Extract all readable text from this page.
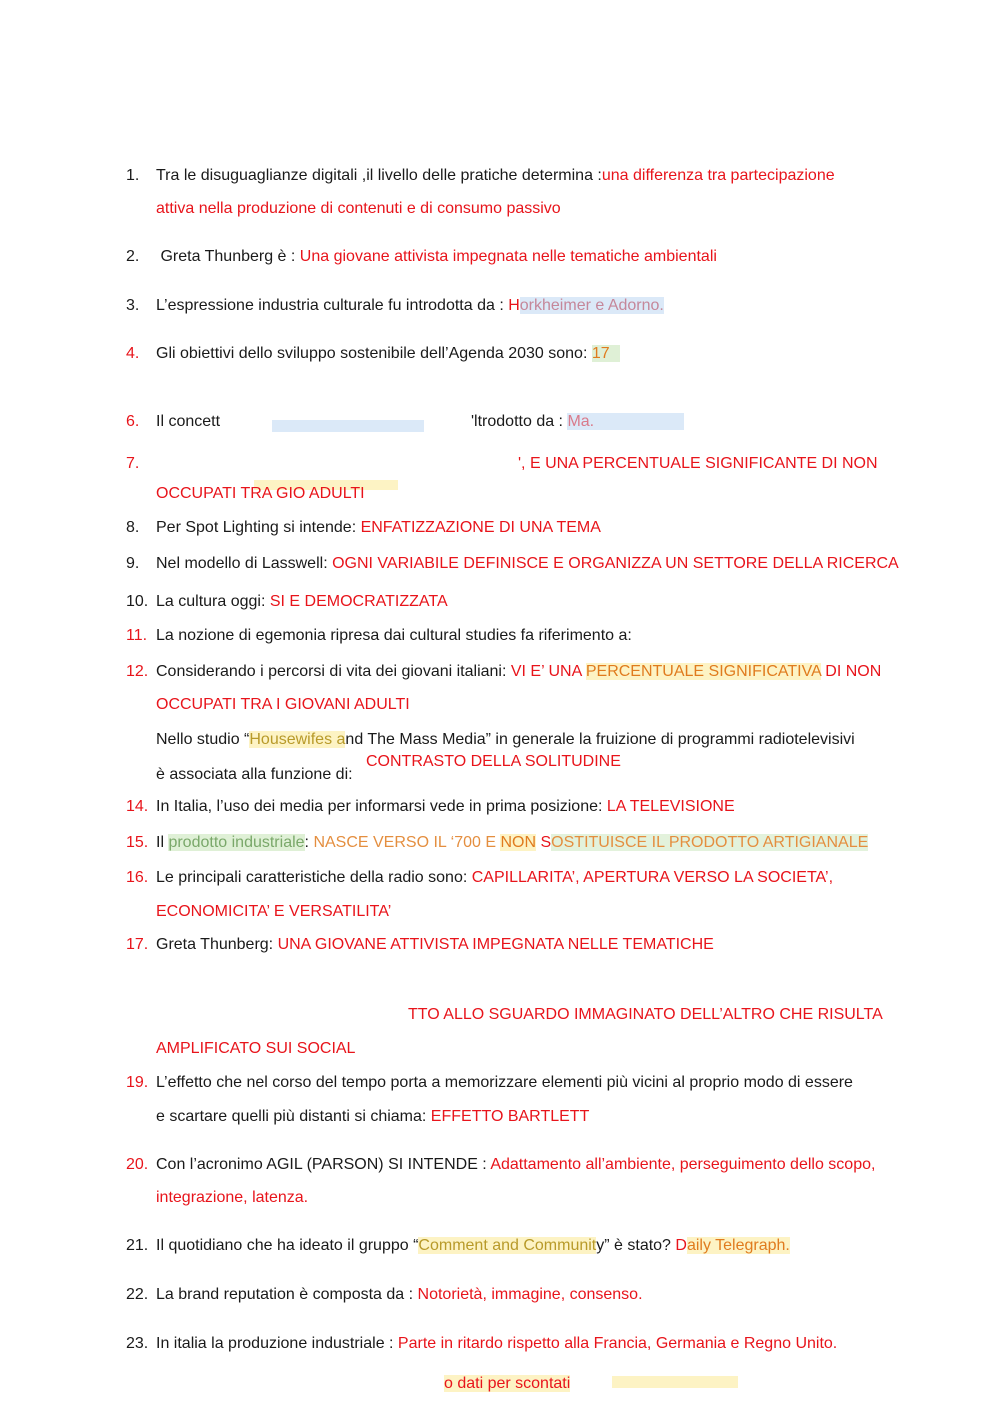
1. Tra le disuguaglianze digitali ,il livello delle pratiche determina :una differenza tra partecipazione
attiva nella produzione di contenuti e di consumo passivo
2. Greta Thunberg è : Una giovane attivista impegnata nelle tematiche ambientali
3. L’espressione industria culturale fu introdotta da : Horkheimer e Adorno.
4. Gli obiettivi dello sviluppo sostenibile dell’Agenda 2030 sono: 17
6. Il concett	'ltrodotto da : Ma.
7.	', E UNA PERCENTUALE SIGNIFICANTE DI NON
OCCUPATI TRA GIO ADULTI
8. Per Spot Lighting si intende: ENFATIZZAZIONE DI UNA TEMA
9. Nel modello di Lasswell: OGNI VARIABILE DEFINISCE E ORGANIZZA UN SETTORE DELLA RICERCA
10. La cultura oggi: SI E DEMOCRATIZZATA
11. La nozione di egemonia ripresa dai cultural studies fa riferimento a:
12. Considerando i percorsi di vita dei giovani italiani: VI E’ UNA PERCENTUALE SIGNIFICATIVA DI NON
OCCUPATI TRA I GIOVANI ADULTI
Nello studio “Housewifes and The Mass Media” in generale la fruizione di programmi radiotelevisivi
è associata alla funzione di:
CONTRASTO DELLA SOLITUDINE
14. In Italia, l’uso dei media per informarsi vede in prima posizione: LA TELEVISIONE
15. Il prodotto industriale: NASCE VERSO IL ‘700 E NON SOSTITUISCE IL PRODOTTO ARTIGIANALE
16. Le principali caratteristiche della radio sono: CAPILLARITA’, APERTURA VERSO LA SOCIETA’,
ECONOMICITA’ E VERSATILITA’
17. Greta Thunberg: UNA GIOVANE ATTIVISTA IMPEGNATA NELLE TEMATICHE
TTO ALLO SGUARDO IMMAGINATO DELL’ALTRO CHE RISULTA
AMPLIFICATO SUI SOCIAL
19. L’effetto che nel corso del tempo porta a memorizzare elementi più vicini al proprio modo di essere
e scartare quelli più distanti si chiama: EFFETTO BARTLETT
20. Con l’acronimo AGIL (PARSON) SI INTENDE : Adattamento all’ambiente, perseguimento dello scopo,
integrazione, latenza.
21. Il quotidiano che ha ideato il gruppo “Comment and Community” è stato? Daily Telegraph.
22. La brand reputation è composta da : Notorietà, immagine, consenso.
23. In italia la produzione industriale : Parte in ritardo rispetto alla Francia, Germania e Regno Unito.
o dati per scontati
